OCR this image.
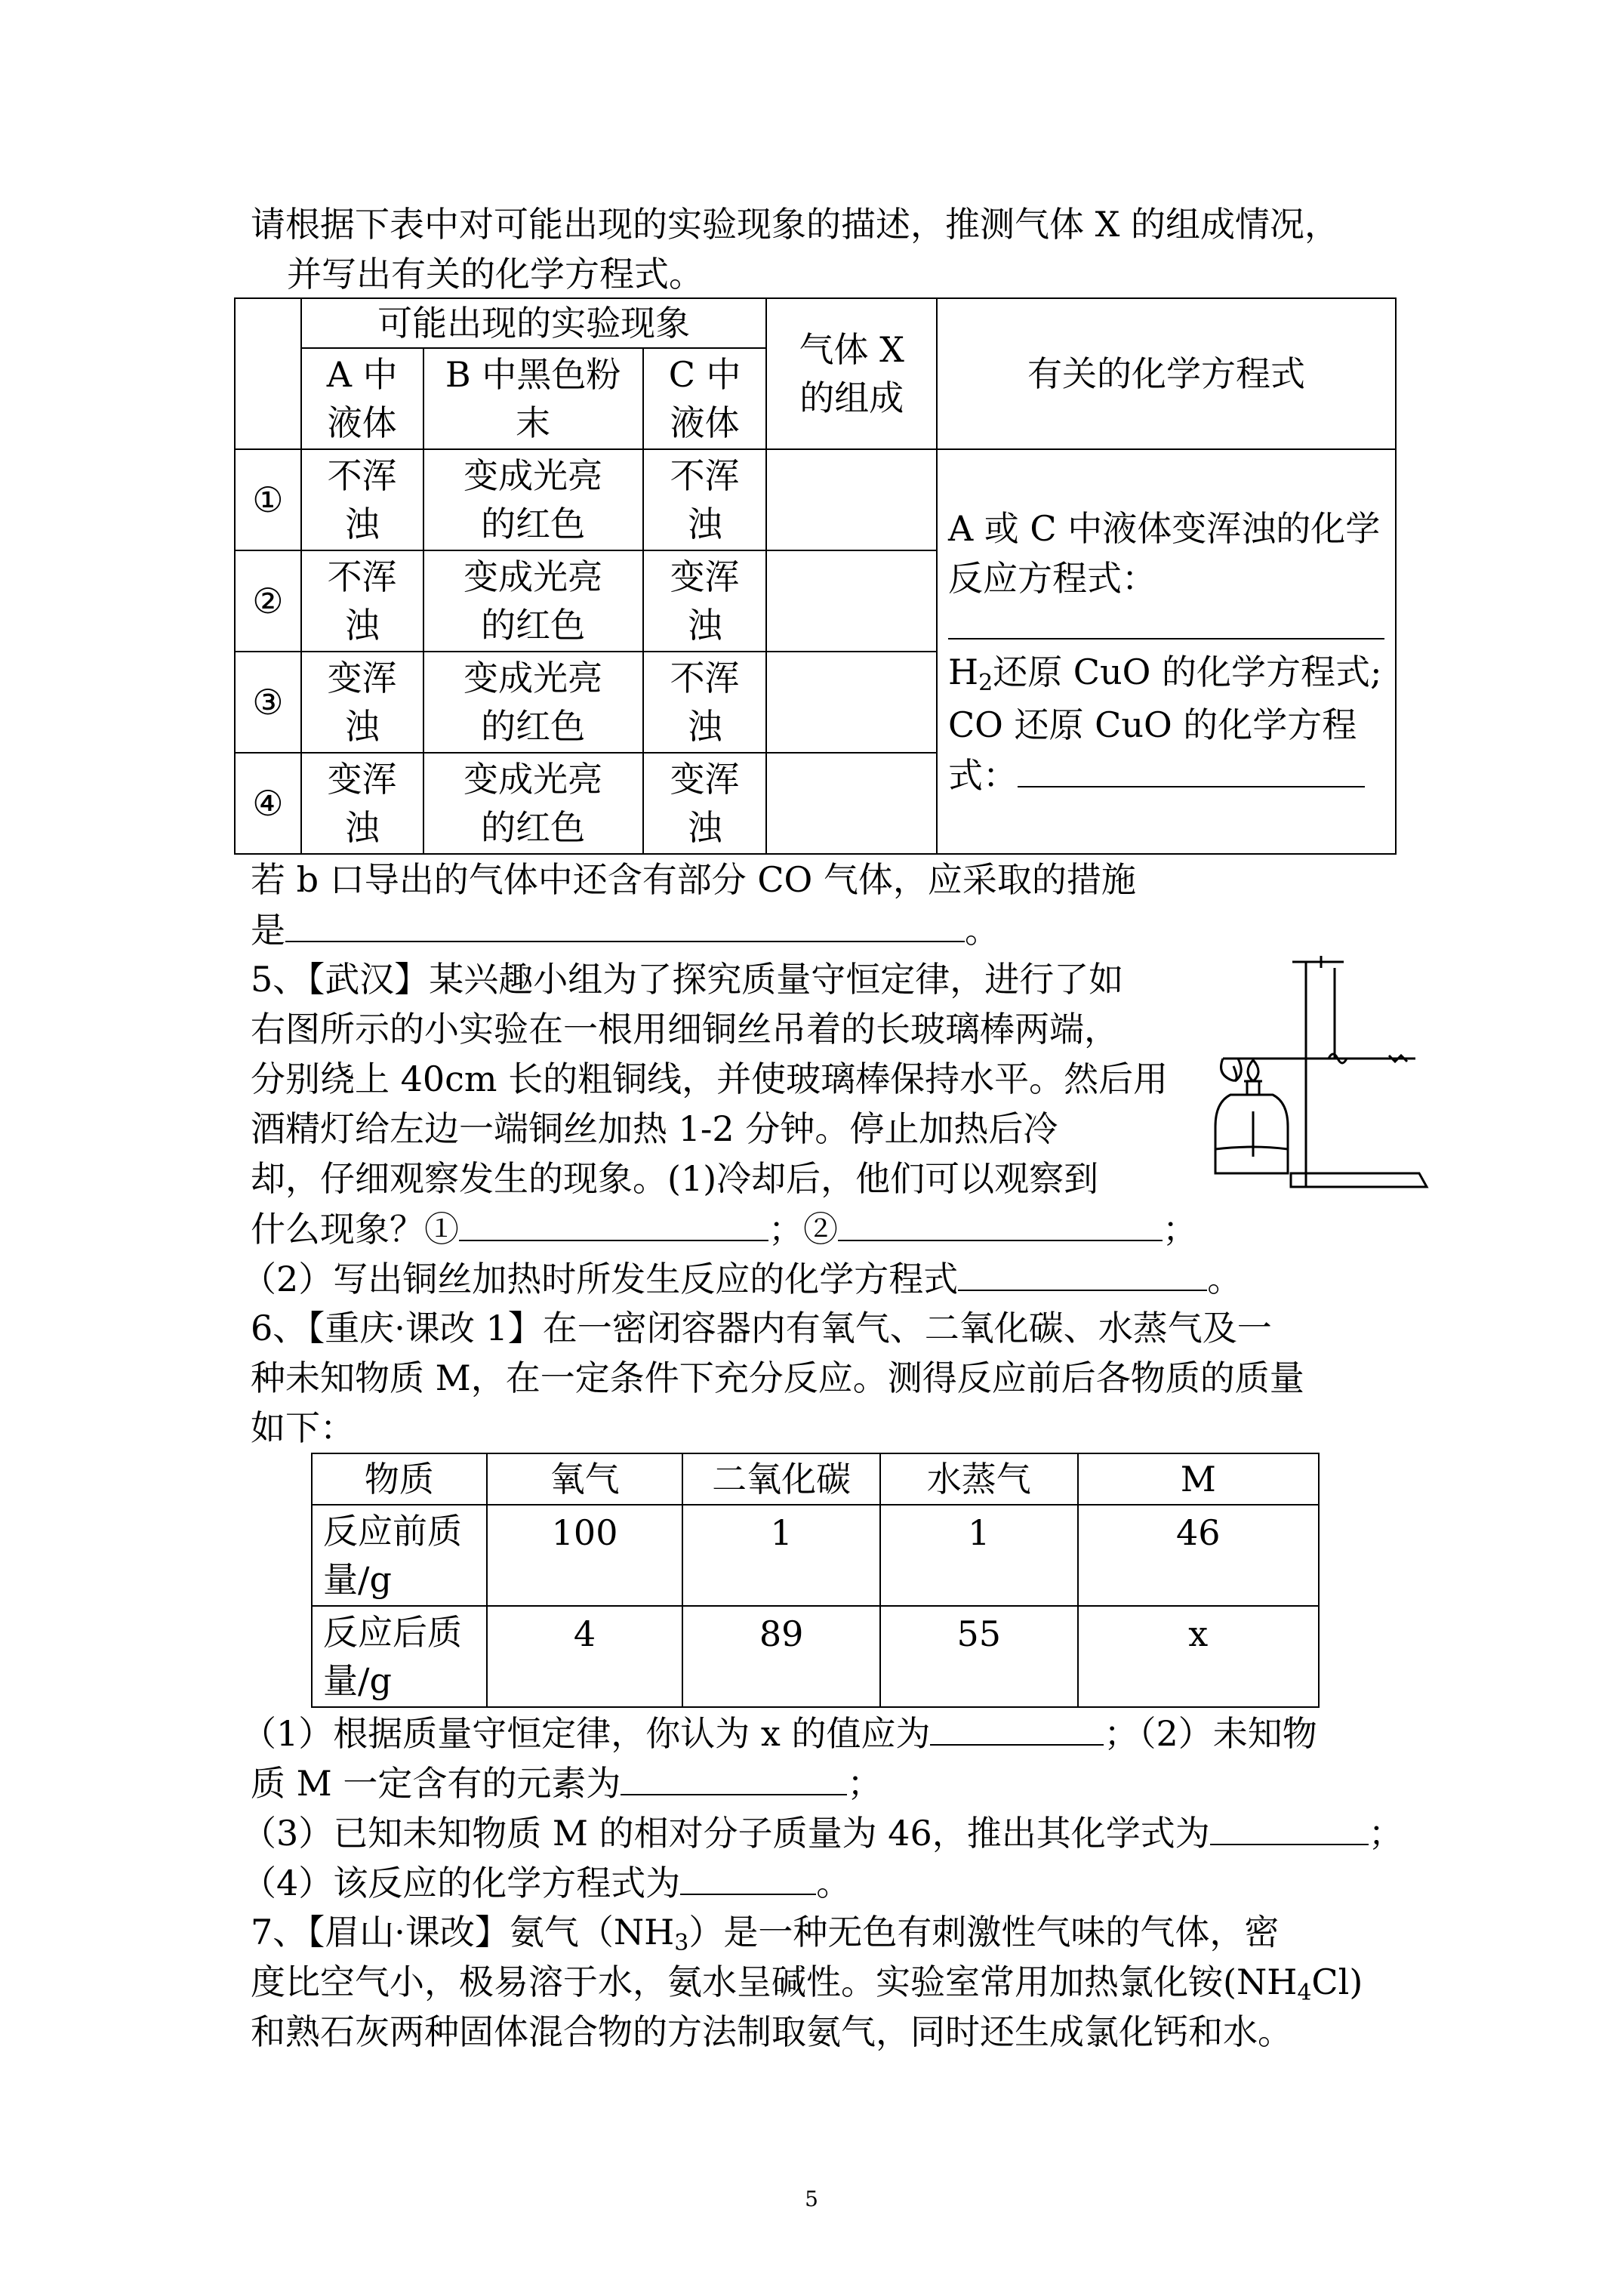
请根据下表中对可能出现的实验现象的描述，推测气体 X 的组成情况，
并写出有关的化学方程式。
	可能出现的实验现象			气体 X 的组成	有关的化学方程式
	A 中液体	B 中黑色粉末	C 中液体		
①	不浑浊	变成光亮的红色	不浑浊		A 或 C 中液体变浑浊的化学反应方程式：
$H_2$还原 CuO 的化学方程式;
CO 还原 CuO 的化学方程式：

②	不浑浊	变成光亮的红色	变浑浊		
③	变浑浊	变成光亮的红色	不浑浊		
④	变浑浊	变成光亮的红色	变浑浊		
若 b 口导出的气体中还含有部分 CO 气体，应采取的措施
是	。
5、【武汉】某兴趣小组为了探究质量守恒定律，进行了如
右图所示的小实验在一根用细铜丝吊着的长玻璃棒两端，
分别绕上 40cm 长的粗铜线，并使玻璃棒保持水平。然后用
酒精灯给左边一端铜丝加热 1-2 分钟。停止加热后冷
却，仔细观察发生的现象。(1)冷却后，他们可以观察到
什么现象？①	；②	；
（2）写出铜丝加热时所发生反应的化学方程式	。
6、【重庆·课改 1】在一密闭容器内有氧气、二氧化碳、水蒸气及一
种未知物质 M，在一定条件下充分反应。测得反应前后各物质的质量
如下：
物质	氧气	二氧化碳	水蒸气	M
反应前质量/g	100	1	1	46
反应后质量/g	4	89	55	x
（1）根据质量守恒定律，你认为 x 的值应为	；（2）未知物
质 M 一定含有的元素为	；
（3）已知未知物质 M 的相对分子质量为 46，推出其化学式为	；
（4）该反应的化学方程式为	。
7、【眉山·课改】氨气$(NH_3)$是一种无色有刺激性气味的气体，密
度比空气小，极易溶于水，氨水呈碱性。实验室常用加热氯化铵$(NH_4Cl)$
和熟石灰两种固体混合物的方法制取氨气，同时还生成氯化钙和水。
5
